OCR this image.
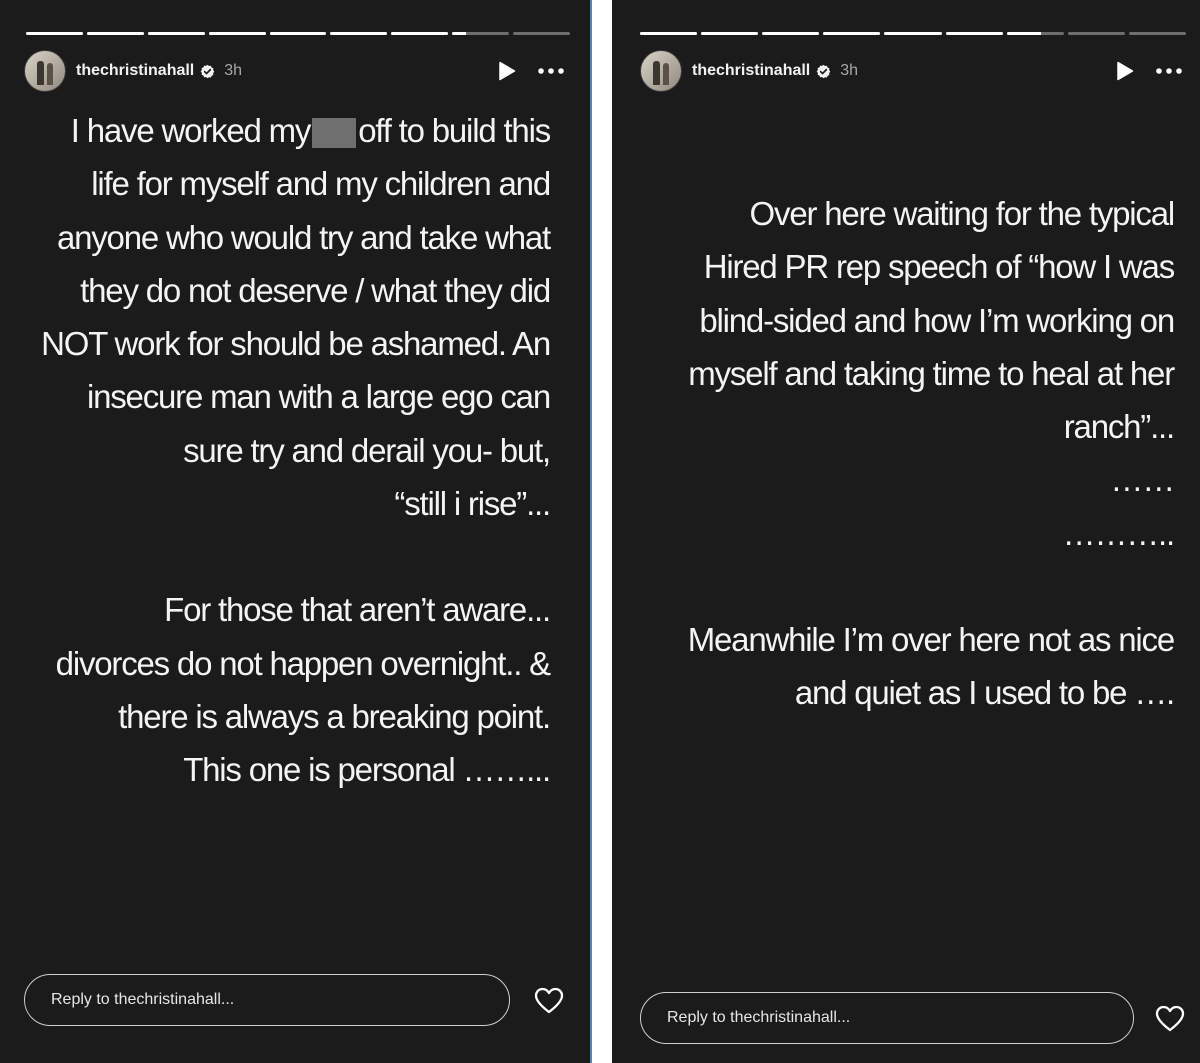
thechristinahall 3h

I have worked my off to build this

life for myself and my children and

anyone who would try and take what

they do not deserve / what they did

NOT work for should be ashamed. An

insecure man with a large ego can

sure try and derail you- but,

“still i rise”...

For those that aren’t aware...

divorces do not happen overnight.. &

there is always a breaking point.

This one is personal ……...

Reply to thechristinahall...
thechristinahall 3h

Over here waiting for the typical

Hired PR rep speech of “how I was

blind-sided and how I’m working on

myself and taking time to heal at her

ranch”...

……

………..

Meanwhile I’m over here not as nice

and quiet as I used to be ….

Reply to thechristinahall...
